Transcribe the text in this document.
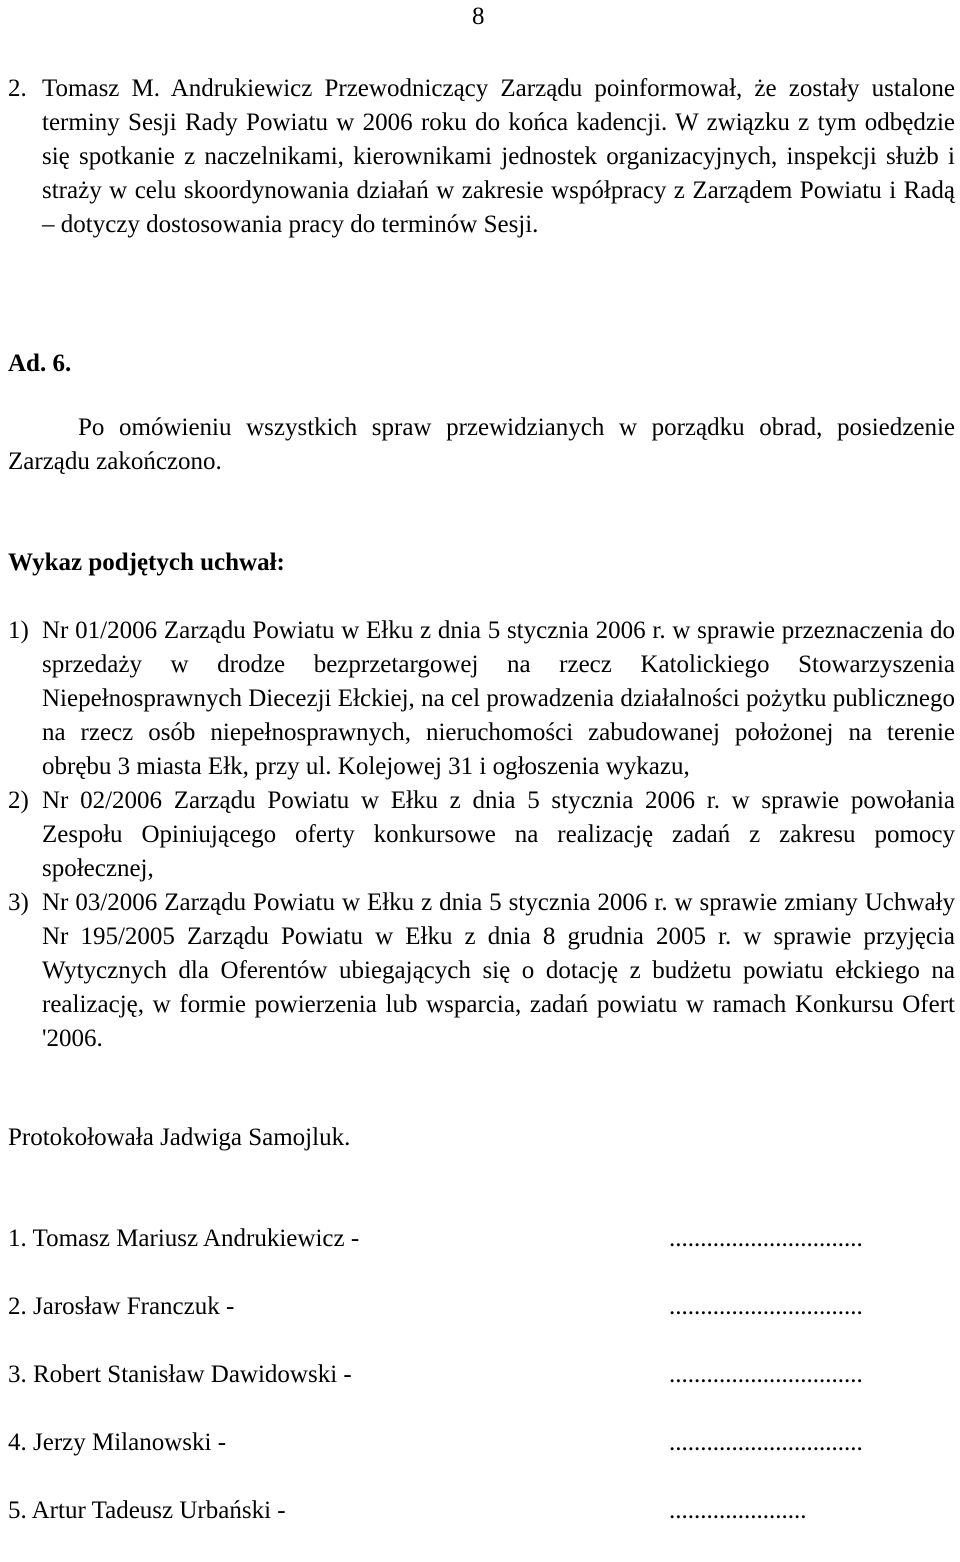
8
2. Tomasz M. Andrukiewicz Przewodniczący Zarządu poinformował, że zostały ustalone terminy Sesji Rady Powiatu w 2006 roku do końca kadencji. W związku z tym odbędzie się spotkanie z naczelnikami, kierownikami jednostek organizacyjnych, inspekcji służb i straży w celu skoordynowania działań w zakresie współpracy z Zarządem Powiatu i Radą – dotyczy dostosowania pracy do terminów Sesji.
Ad. 6.
Po omówieniu wszystkich spraw przewidzianych w porządku obrad, posiedzenie Zarządu zakończono.
Wykaz podjętych uchwał:
1) Nr 01/2006 Zarządu Powiatu w Ełku z dnia 5 stycznia 2006 r. w sprawie przeznaczenia do sprzedaży w drodze bezprzetargowej na rzecz Katolickiego Stowarzyszenia Niepełnosprawnych Diecezji Ełckiej, na cel prowadzenia działalności pożytku publicznego na rzecz osób niepełnosprawnych, nieruchomości zabudowanej położonej na terenie obrębu 3 miasta Ełk, przy ul. Kolejowej 31 i ogłoszenia wykazu,
2) Nr 02/2006 Zarządu Powiatu w Ełku z dnia 5 stycznia 2006 r. w sprawie powołania Zespołu Opiniującego oferty konkursowe na realizację zadań z zakresu pomocy społecznej,
3) Nr 03/2006 Zarządu Powiatu w Ełku z dnia 5 stycznia 2006 r. w sprawie zmiany Uchwały Nr 195/2005 Zarządu Powiatu w Ełku z dnia 8 grudnia 2005 r. w sprawie przyjęcia Wytycznych dla Oferentów ubiegających się o dotację z budżetu powiatu ełckiego na realizację, w formie powierzenia lub wsparcia, zadań powiatu w ramach Konkursu Ofert '2006.
Protokołowała Jadwiga Samojluk.
1. Tomasz Mariusz Andrukiewicz -	...............................
2. Jarosław Franczuk -	...............................
3. Robert Stanisław Dawidowski -	...............................
4. Jerzy Milanowski -	...............................
5. Artur Tadeusz Urbański -	......................
